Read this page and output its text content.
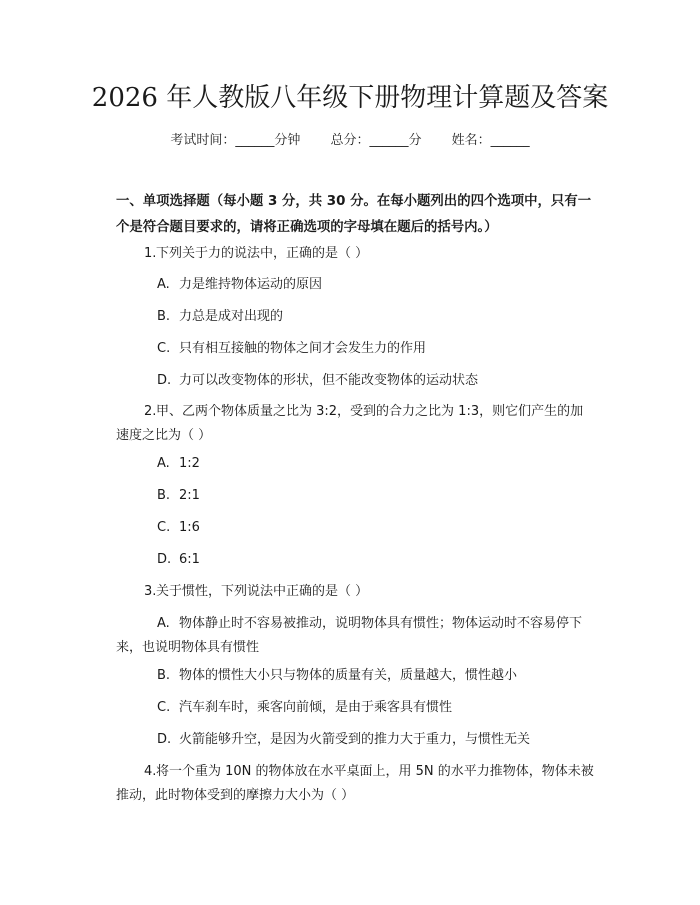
2026 年人教版八年级下册物理计算题及答案
考试时间：______分钟 总分：______分 姓名：______
一、单项选择题（每小题 3 分，共 30 分。在每小题列出的四个选项中，只有一个是符合题目要求的，请将正确选项的字母填在题后的括号内。）
1.下列关于力的说法中，正确的是（ ）
A. 力是维持物体运动的原因
B. 力总是成对出现的
C. 只有相互接触的物体之间才会发生力的作用
D. 力可以改变物体的形状，但不能改变物体的运动状态
2.甲、乙两个物体质量之比为 3:2，受到的合力之比为 1:3，则它们产生的加速度之比为（ ）
A. 1:2
B. 2:1
C. 1:6
D. 6:1
3.关于惯性，下列说法中正确的是（ ）
A. 物体静止时不容易被推动，说明物体具有惯性；物体运动时不容易停下来，也说明物体具有惯性
B. 物体的惯性大小只与物体的质量有关，质量越大，惯性越小
C. 汽车刹车时，乘客向前倾，是由于乘客具有惯性
D. 火箭能够升空，是因为火箭受到的推力大于重力，与惯性无关
4.将一个重为 10N 的物体放在水平桌面上，用 5N 的水平力推物体，物体未被推动，此时物体受到的摩擦力大小为（ ）
